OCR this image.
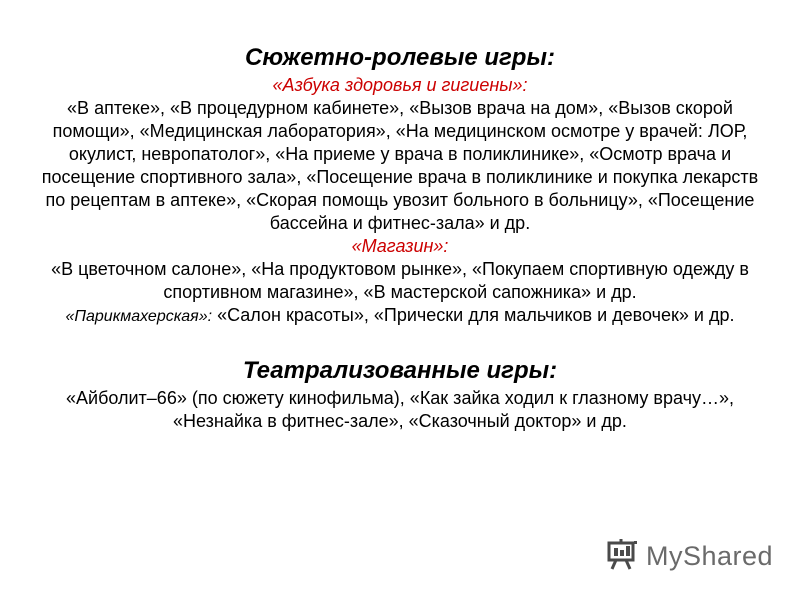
Сюжетно-ролевые игры:

«Азбука здоровья и гигиены»:

«В аптеке», «В процедурном кабинете», «Вызов врача на дом», «Вызов скорой помощи», «Медицинская лаборатория», «На медицинском осмотре у врачей: ЛОР, окулист, невропатолог», «На приеме у врача в поликлинике», «Осмотр врача и посещение спортивного зала», «Посещение врача в поликлинике и покупка лекарств по рецептам в аптеке», «Скорая помощь увозит больного в больницу», «Посещение бассейна и фитнес-зала» и др.

«Магазин»:

«В цветочном салоне», «На продуктовом рынке», «Покупаем спортивную одежду в спортивном магазине», «В мастерской сапожника» и др.

«Парикмахерская»: «Салон красоты», «Прически для мальчиков и девочек» и др.

Театрализованные игры:

«Айболит–66» (по сюжету кинофильма), «Как зайка ходил к глазному врачу…», «Незнайка в фитнес-зале», «Сказочный доктор» и др.

MyShared
